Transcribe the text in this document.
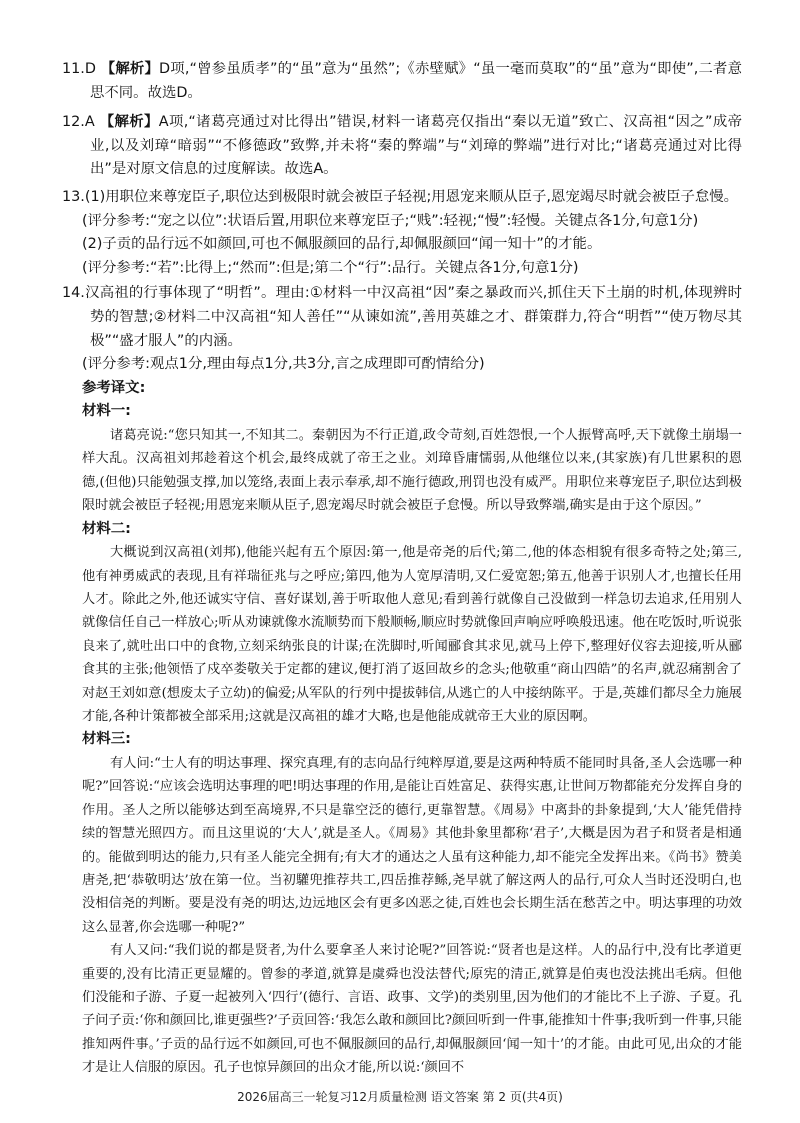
11.D 【解析】D项,“曾参虽质孝”的“虽”意为“虽然”;《赤壁赋》“虽一毫而莫取”的“虽”意为“即使”,二者意思不同。故选D。
12.A 【解析】A项,“诸葛亮通过对比得出”错误,材料一诸葛亮仅指出“秦以无道”致亡、汉高祖“因之”成帝业,以及刘璋“暗弱”“不修德政”致弊,并未将“秦的弊端”与“刘璋的弊端”进行对比;“诸葛亮通过对比得出”是对原文信息的过度解读。故选A。
13.(1)用职位来尊宠臣子,职位达到极限时就会被臣子轻视;用恩宠来顺从臣子,恩宠竭尽时就会被臣子怠慢。
(评分参考:“宠之以位”:状语后置,用职位来尊宠臣子;“贱”:轻视;“慢”:轻慢。关键点各1分,句意1分)
(2)子贡的品行远不如颜回,可也不佩服颜回的品行,却佩服颜回“闻一知十”的才能。
(评分参考:“若”:比得上;“然而”:但是;第二个“行”:品行。关键点各1分,句意1分)
14.汉高祖的行事体现了“明哲”。理由:①材料一中汉高祖“因”秦之暴政而兴,抓住天下土崩的时机,体现辨时势的智慧;②材料二中汉高祖“知人善任”“从谏如流”,善用英雄之才、群策群力,符合“明哲”“使万物尽其极”“盛才服人”的内涵。
(评分参考:观点1分,理由每点1分,共3分,言之成理即可酌情给分)
参考译文:
材料一:
诸葛亮说:“您只知其一,不知其二。秦朝因为不行正道,政令苛刻,百姓怨恨,一个人振臂高呼,天下就像土崩塌一样大乱。汉高祖刘邦趁着这个机会,最终成就了帝王之业。刘璋昏庸懦弱,从他继位以来,(其家族)有几世累积的恩德,(但他)只能勉强支撑,加以笼络,表面上表示奉承,却不施行德政,刑罚也没有威严。用职位来尊宠臣子,职位达到极限时就会被臣子轻视;用恩宠来顺从臣子,恩宠竭尽时就会被臣子怠慢。所以导致弊端,确实是由于这个原因。”
材料二:
大概说到汉高祖(刘邦),他能兴起有五个原因:第一,他是帝尧的后代;第二,他的体态相貌有很多奇特之处;第三,他有神勇威武的表现,且有祥瑞征兆与之呼应;第四,他为人宽厚清明,又仁爱宽恕;第五,他善于识别人才,也擅长任用人才。除此之外,他还诚实守信、喜好谋划,善于听取他人意见;看到善行就像自己没做到一样急切去追求,任用别人就像信任自己一样放心;听从劝谏就像水流顺势而下般顺畅,顺应时势就像回声响应呼唤般迅速。他在吃饭时,听说张良来了,就吐出口中的食物,立刻采纳张良的计谋;在洗脚时,听闻郦食其求见,就马上停下,整理好仪容去迎接,听从郦食其的主张;他领悟了戍卒娄敬关于定都的建议,便打消了返回故乡的念头;他敬重“商山四皓”的名声,就忍痛割舍了对赵王刘如意(想废太子立幼)的偏爱;从军队的行列中提拔韩信,从逃亡的人中接纳陈平。于是,英雄们都尽全力施展才能,各种计策都被全部采用;这就是汉高祖的雄才大略,也是他能成就帝王大业的原因啊。
材料三:
有人问:“士人有的明达事理、探究真理,有的志向品行纯粹厚道,要是这两种特质不能同时具备,圣人会选哪一种呢?”回答说:“应该会选明达事理的吧!明达事理的作用,是能让百姓富足、获得实惠,让世间万物都能充分发挥自身的作用。圣人之所以能够达到至高境界,不只是靠空泛的德行,更靠智慧。《周易》中离卦的卦象提到,‘大人’能凭借持续的智慧光照四方。而且这里说的‘大人’,就是圣人。《周易》其他卦象里都称‘君子’,大概是因为君子和贤者是相通的。能做到明达的能力,只有圣人能完全拥有;有大才的通达之人虽有这种能力,却不能完全发挥出来。《尚书》赞美唐尧,把‘恭敬明达’放在第一位。当初驩兜推荐共工,四岳推荐鲧,尧早就了解这两人的品行,可众人当时还没明白,也没相信尧的判断。要是没有尧的明达,边远地区会有更多凶恶之徒,百姓也会长期生活在愁苦之中。明达事理的功效这么显著,你会选哪一种呢?”
有人又问:“我们说的都是贤者,为什么要拿圣人来讨论呢?”回答说:“贤者也是这样。人的品行中,没有比孝道更重要的,没有比清正更显耀的。曾参的孝道,就算是虞舜也没法替代;原宪的清正,就算是伯夷也没法挑出毛病。但他们没能和子游、子夏一起被列入‘四行’(德行、言语、政事、文学)的类别里,因为他们的才能比不上子游、子夏。孔子问子贡:‘你和颜回比,谁更强些?’子贡回答:‘我怎么敢和颜回比?颜回听到一件事,能推知十件事;我听到一件事,只能推知两件事。’子贡的品行远不如颜回,可也不佩服颜回的品行,却佩服颜回‘闻一知十’的才能。由此可见,出众的才能才是让人信服的原因。孔子也惊异颜回的出众才能,所以说:‘颜回不
2026届高三一轮复习12月质量检测 语文答案 第 2 页(共4页)
